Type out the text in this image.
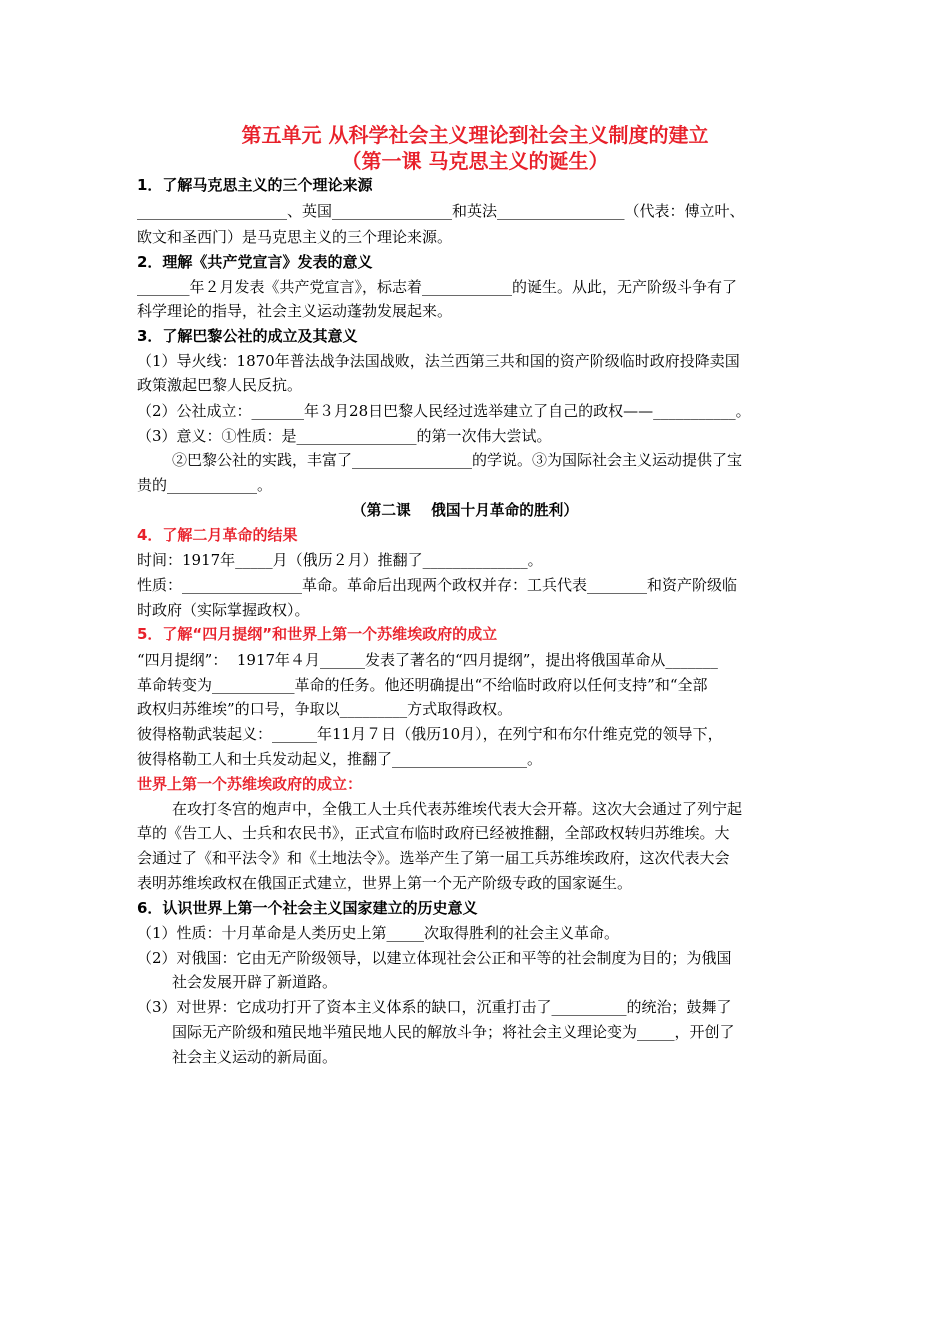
第五单元 从科学社会主义理论到社会主义制度的建立
（第一课 马克思主义的诞生）
1．了解马克思主义的三个理论来源
____________________、英国________________和英法_________________（代表：傅立叶、
欧文和圣西门）是马克思主义的三个理论来源。
2．理解《共产党宣言》发表的意义
_______年２月发表《共产党宣言》，标志着____________的诞生。从此，无产阶级斗争有了
科学理论的指导，社会主义运动蓬勃发展起来。
3．了解巴黎公社的成立及其意义
（1）导火线：1870年普法战争法国战败，法兰西第三共和国的资产阶级临时政府投降卖国
政策激起巴黎人民反抗。
（2）公社成立：_______年３月28日巴黎人民经过选举建立了自己的政权——___________。
（3）意义：①性质：是________________的第一次伟大尝试。
②巴黎公社的实践，丰富了________________的学说。③为国际社会主义运动提供了宝
贵的____________。
（第二课    俄国十月革命的胜利）
4．了解二月革命的结果
时间：1917年_____月（俄历２月）推翻了______________。
性质：________________革命。革命后出现两个政权并存：工兵代表________和资产阶级临
时政府（实际掌握政权）。
5．了解“四月提纲”和世界上第一个苏维埃政府的成立
“四月提纲”：  1917年４月______发表了著名的“四月提纲”，提出将俄国革命从_______
革命转变为___________革命的任务。他还明确提出“不给临时政府以任何支持”和“全部
政权归苏维埃”的口号，争取以_________方式取得政权。
彼得格勒武装起义：______年11月７日（俄历10月），在列宁和布尔什维克党的领导下，
彼得格勒工人和士兵发动起义，推翻了__________________。
世界上第一个苏维埃政府的成立：
在攻打冬宫的炮声中，全俄工人士兵代表苏维埃代表大会开幕。这次大会通过了列宁起
草的《告工人、士兵和农民书》，正式宣布临时政府已经被推翻，全部政权转归苏维埃。大
会通过了《和平法令》和《土地法令》。选举产生了第一届工兵苏维埃政府，这次代表大会
表明苏维埃政权在俄国正式建立，世界上第一个无产阶级专政的国家诞生。
6．认识世界上第一个社会主义国家建立的历史意义
（1）性质：十月革命是人类历史上第_____次取得胜利的社会主义革命。
（2）对俄国：它由无产阶级领导，以建立体现社会公正和平等的社会制度为目的；为俄国
社会发展开辟了新道路。
（3）对世界：它成功打开了资本主义体系的缺口，沉重打击了__________的统治；鼓舞了
国际无产阶级和殖民地半殖民地人民的解放斗争；将社会主义理论变为_____，开创了
社会主义运动的新局面。
